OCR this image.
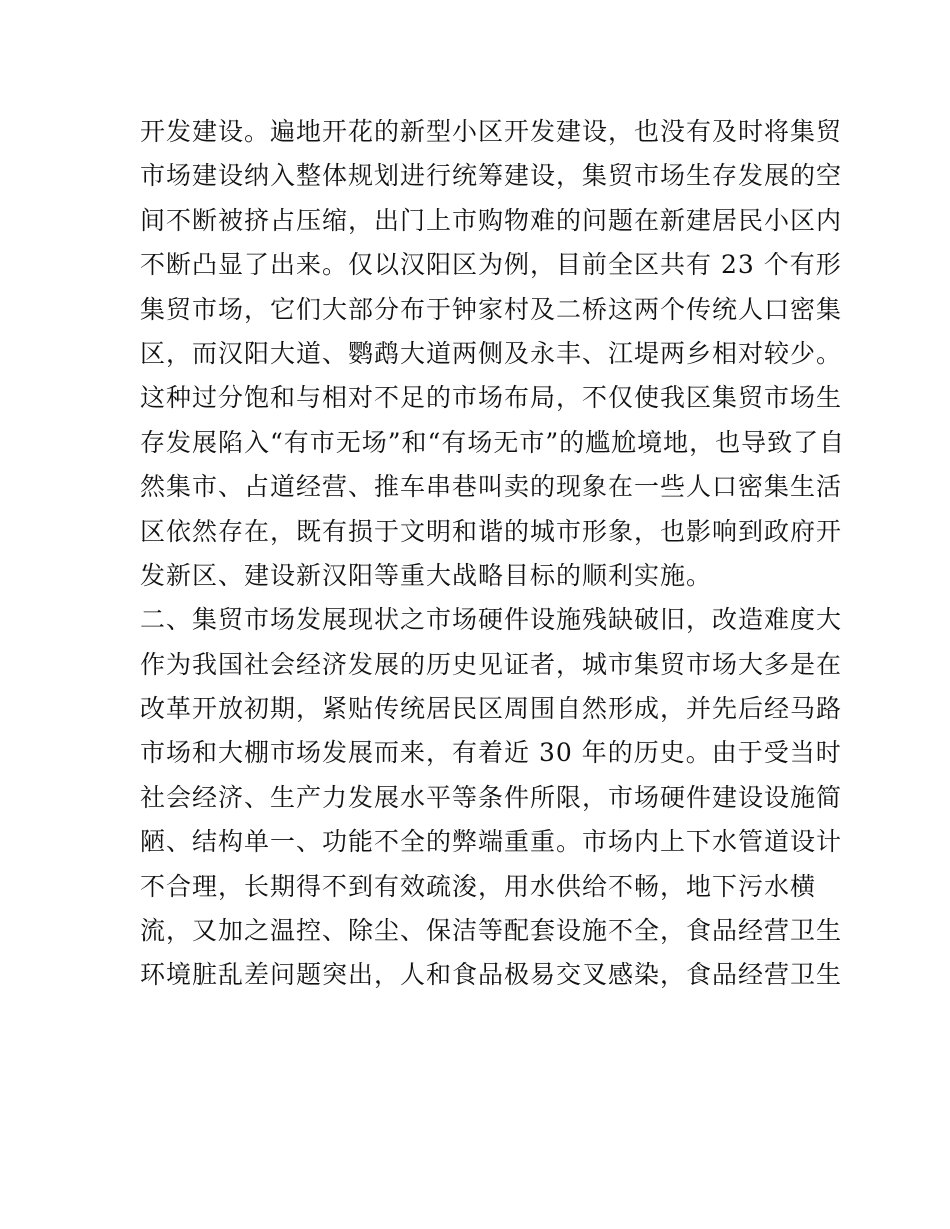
开发建设。遍地开花的新型小区开发建设，也没有及时将集贸
市场建设纳入整体规划进行统筹建设，集贸市场生存发展的空
间不断被挤占压缩，出门上市购物难的问题在新建居民小区内
不断凸显了出来。仅以汉阳区为例，目前全区共有 23 个有形
集贸市场，它们大部分布于钟家村及二桥这两个传统人口密集
区，而汉阳大道、鹦鹉大道两侧及永丰、江堤两乡相对较少。
这种过分饱和与相对不足的市场布局，不仅使我区集贸市场生
存发展陷入“有市无场”和“有场无市”的尴尬境地，也导致了自
然集市、占道经营、推车串巷叫卖的现象在一些人口密集生活
区依然存在，既有损于文明和谐的城市形象，也影响到政府开
发新区、建设新汉阳等重大战略目标的顺利实施。
二、集贸市场发展现状之市场硬件设施残缺破旧，改造难度大
作为我国社会经济发展的历史见证者，城市集贸市场大多是在
改革开放初期，紧贴传统居民区周围自然形成，并先后经马路
市场和大棚市场发展而来，有着近 30 年的历史。由于受当时
社会经济、生产力发展水平等条件所限，市场硬件建设设施简
陋、结构单一、功能不全的弊端重重。市场内上下水管道设计
不合理，长期得不到有效疏浚，用水供给不畅，地下污水横
流，又加之温控、除尘、保洁等配套设施不全，食品经营卫生
环境脏乱差问题突出，人和食品极易交叉感染，食品经营卫生
